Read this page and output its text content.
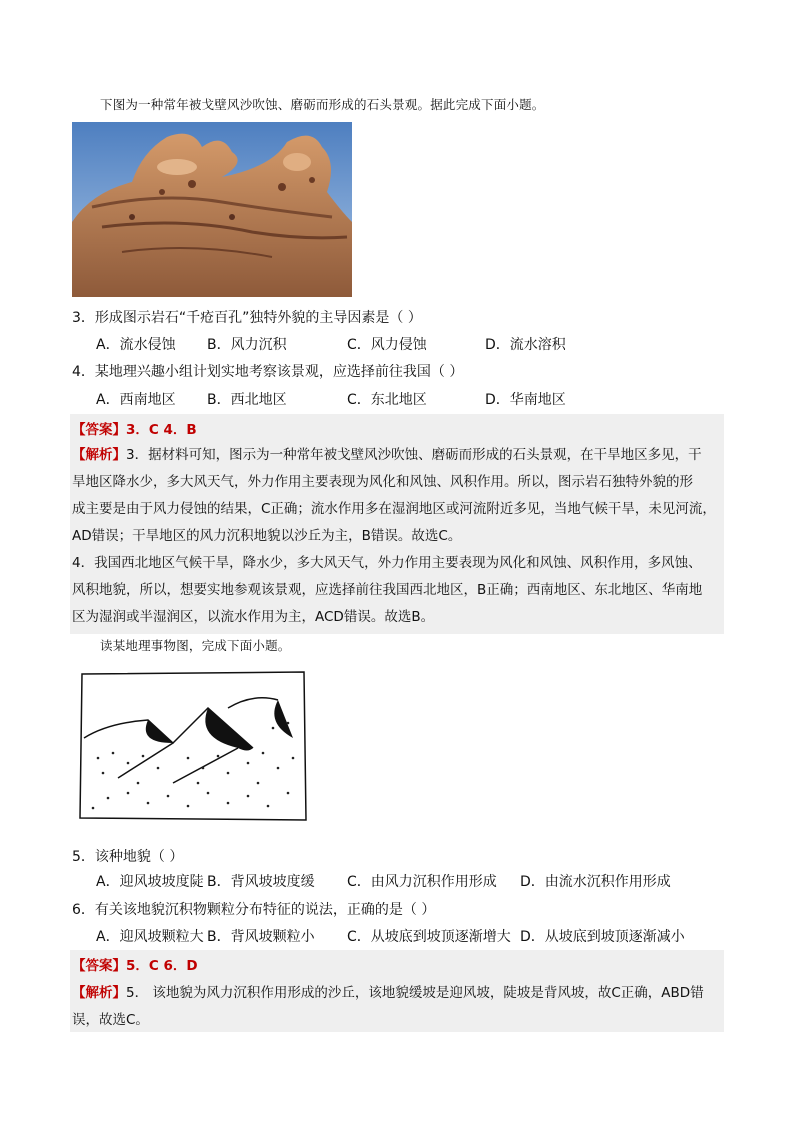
下图为一种常年被戈壁风沙吹蚀、磨砺而形成的石头景观。据此完成下面小题。
3．形成图示岩石“千疮百孔”独特外貌的主导因素是（ ）
A．流水侵蚀 B．风力沉积	C．风力侵蚀	D．流水溶积
4．某地理兴趣小组计划实地考察该景观，应选择前往我国（ ）
A．西南地区 B．西北地区	C．东北地区	D．华南地区
【答案】3．C 4．B
【解析】3．据材料可知，图示为一种常年被戈壁风沙吹蚀、磨砺而形成的石头景观，在干旱地区多见，干
旱地区降水少，多大风天气，外力作用主要表现为风化和风蚀、风积作用。所以，图示岩石独特外貌的形
成主要是由于风力侵蚀的结果，C正确；流水作用多在湿润地区或河流附近多见，当地气候干旱，未见河流，
AD错误；干旱地区的风力沉积地貌以沙丘为主，B错误。故选C。
4．我国西北地区气候干旱，降水少，多大风天气，外力作用主要表现为风化和风蚀、风积作用，多风蚀、
风积地貌，所以，想要实地参观该景观，应选择前往我国西北地区，B正确；西南地区、东北地区、华南地
区为湿润或半湿润区，以流水作用为主，ACD错误。故选B。
读某地理事物图，完成下面小题。
5．该种地貌（ ）
A．迎风坡坡度陡 B．背风坡坡度缓 C．由风力沉积作用形成 D．由流水沉积作用形成
6．有关该地貌沉积物颗粒分布特征的说法，正确的是（ ）
A．迎风坡颗粒大 B．背风坡颗粒小 C．从坡底到坡顶逐渐增大 D．从坡底到坡顶逐渐减小
【答案】5．C 6．D
【解析】5． 该地貌为风力沉积作用形成的沙丘，该地貌缓坡是迎风坡，陡坡是背风坡，故C正确，ABD错
误，故选C。
